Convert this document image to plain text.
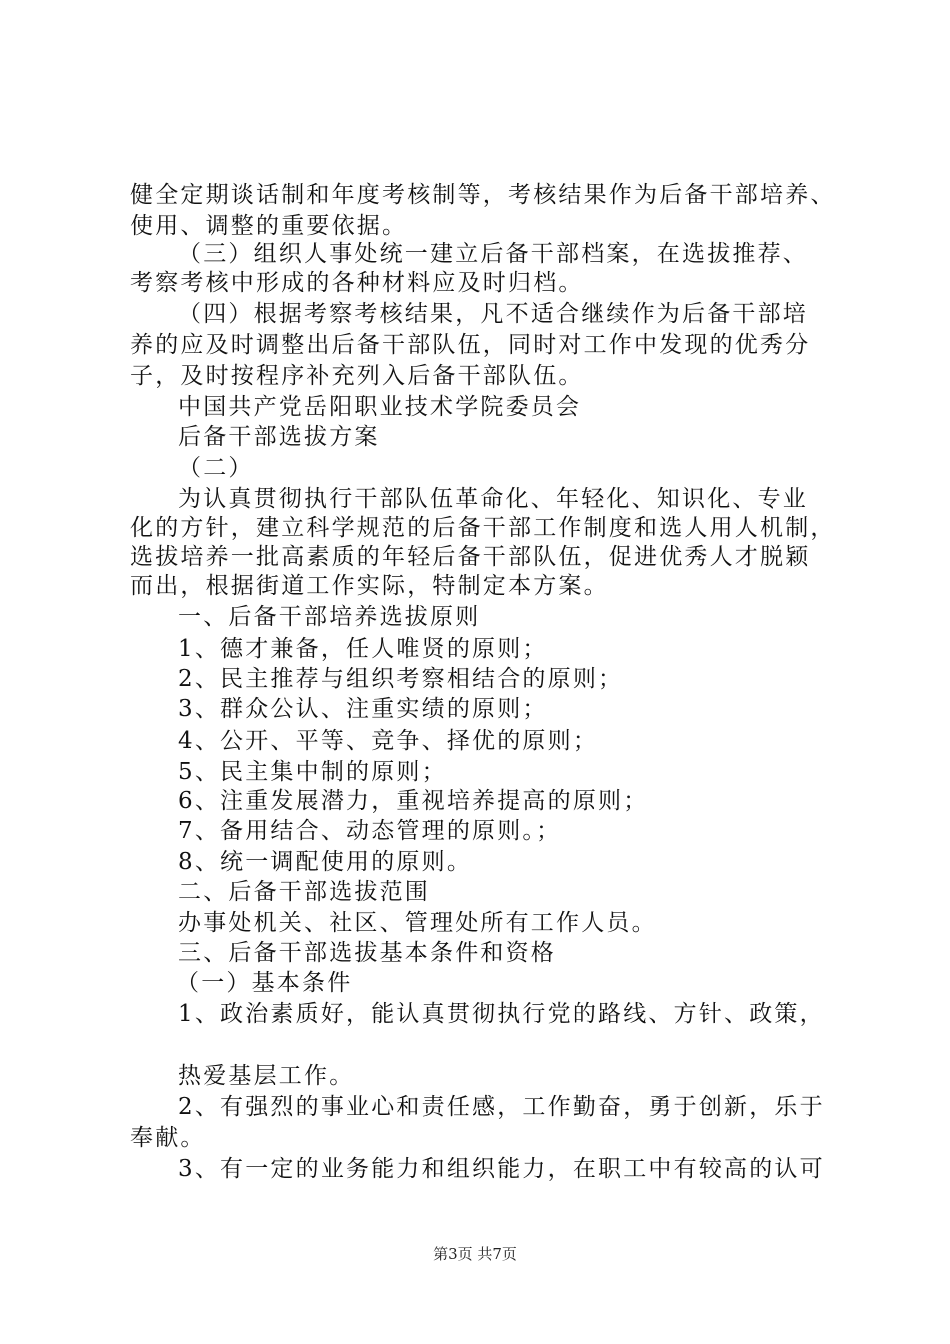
健全定期谈话制和年度考核制等，考核结果作为后备干部培养、
使用、调整的重要依据。
（三）组织人事处统一建立后备干部档案，在选拔推荐、
考察考核中形成的各种材料应及时归档。
（四）根据考察考核结果，凡不适合继续作为后备干部培
养的应及时调整出后备干部队伍，同时对工作中发现的优秀分
子，及时按程序补充列入后备干部队伍。
中国共产党岳阳职业技术学院委员会
后备干部选拔方案
（二）
为认真贯彻执行干部队伍革命化、年轻化、知识化、专业
化的方针，建立科学规范的后备干部工作制度和选人用人机制，
选拔培养一批高素质的年轻后备干部队伍，促进优秀人才脱颖
而出，根据街道工作实际，特制定本方案。
一、后备干部培养选拔原则
1、德才兼备，任人唯贤的原则；
2、民主推荐与组织考察相结合的原则；
3、群众公认、注重实绩的原则；
4、公开、平等、竞争、择优的原则；
5、民主集中制的原则；
6、注重发展潜力，重视培养提高的原则；
7、备用结合、动态管理的原则。；
8、统一调配使用的原则。
二、后备干部选拔范围
办事处机关、社区、管理处所有工作人员。
三、后备干部选拔基本条件和资格
（一）基本条件
1、政治素质好，能认真贯彻执行党的路线、方针、政策，
热爱基层工作。
2、有强烈的事业心和责任感，工作勤奋，勇于创新，乐于
奉献。
3、有一定的业务能力和组织能力，在职工中有较高的认可
第3页 共7页
